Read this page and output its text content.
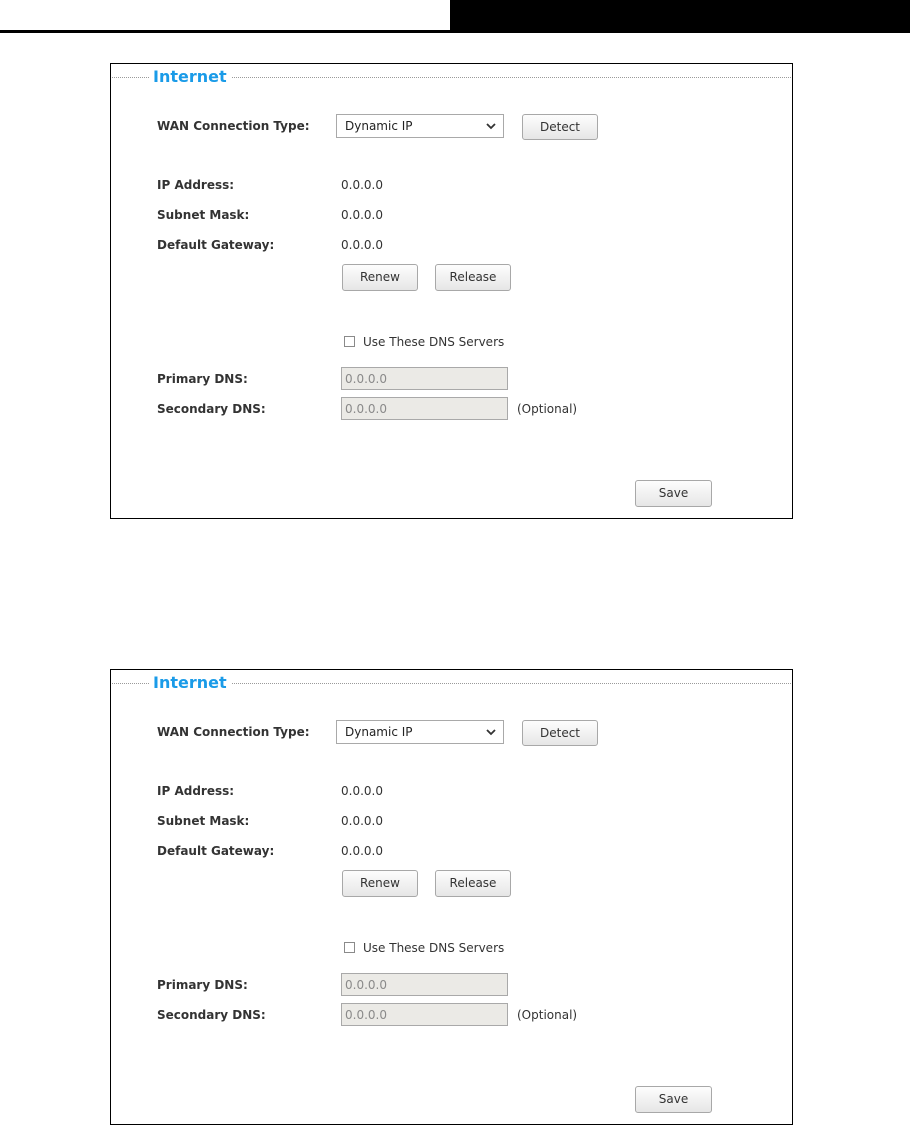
Internet
WAN Connection Type:	Dynamic IP	Detect
IP Address:	0.0.0.0
Subnet Mask:	0.0.0.0
Default Gateway:	0.0.0.0
Renew	Release
Use These DNS Servers
Primary DNS:
0.0.0.0
Secondary DNS:
0.0.0.0	(Optional)
Save
Internet
WAN Connection Type:	Dynamic IP	Detect
IP Address:	0.0.0.0
Subnet Mask:	0.0.0.0
Default Gateway:	0.0.0.0
Renew	Release
Use These DNS Servers
Primary DNS:
0.0.0.0
Secondary DNS:
0.0.0.0	(Optional)
Save
